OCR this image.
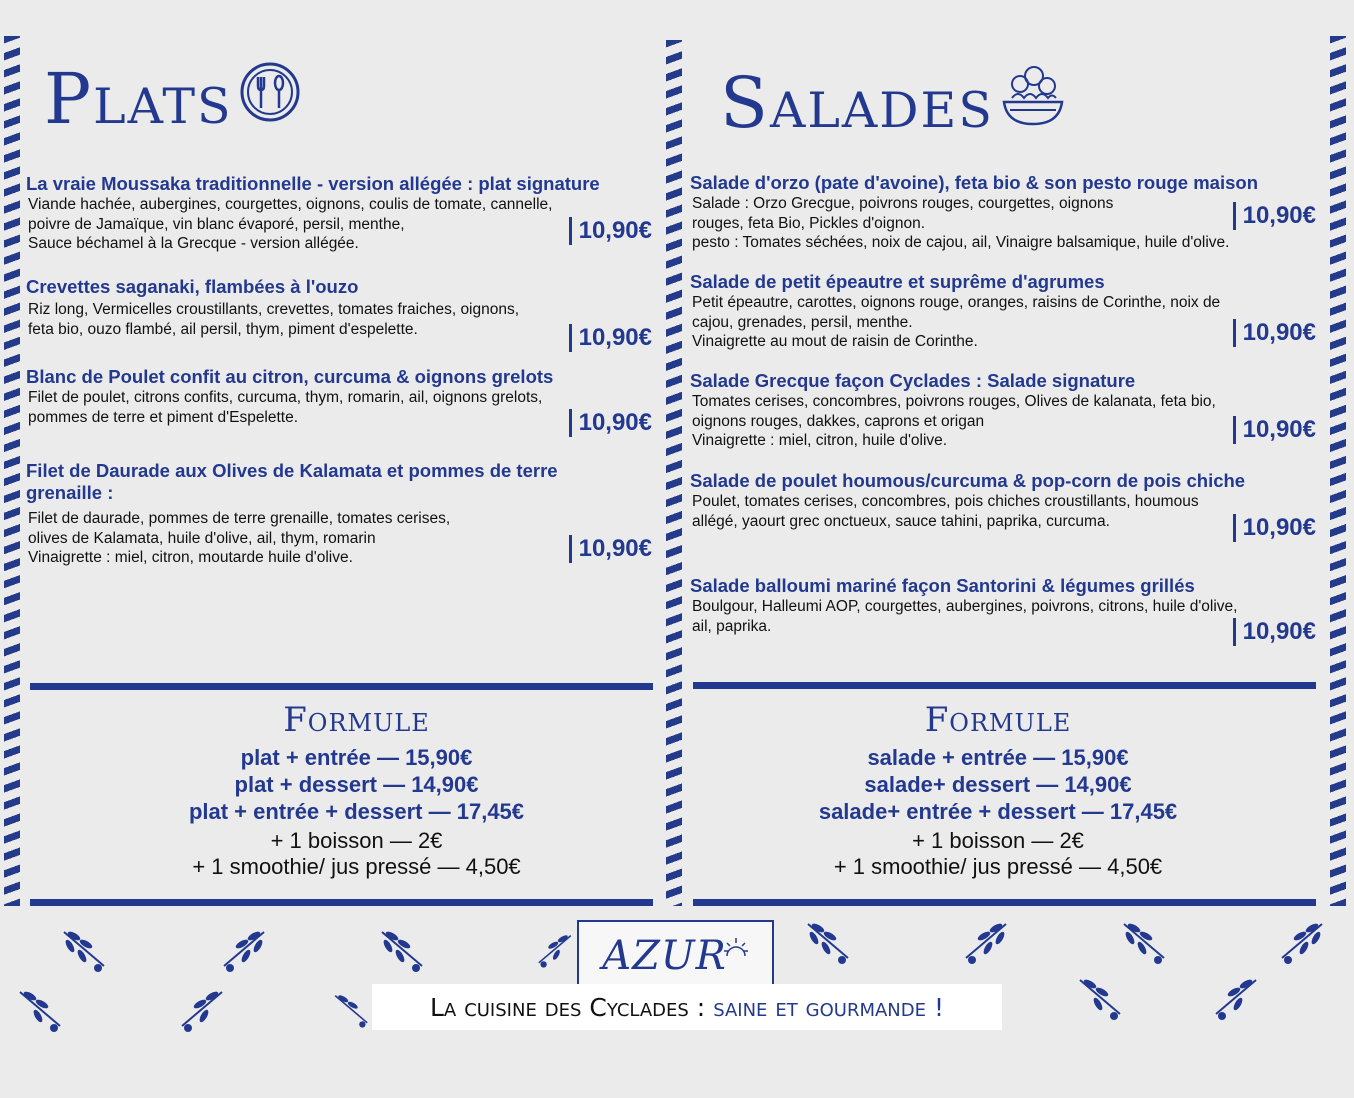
Plats
La vraie Moussaka traditionnelle - version allégée : plat signature
Viande hachée, aubergines, courgettes, oignons, coulis de tomate, cannelle,
poivre de Jamaïque, vin blanc évaporé, persil, menthe,
Sauce béchamel à la Grecque - version allégée.	10,90€
Crevettes saganaki, flambées à l'ouzo
Riz long, Vermicelles croustillants, crevettes, tomates fraiches, oignons,
feta bio, ouzo flambé, ail persil, thym, piment d'espelette.	10,90€
Blanc de Poulet confit au citron, curcuma & oignons grelots
Filet de poulet, citrons confits, curcuma, thym, romarin, ail, oignons grelots,
pommes de terre et piment d'Espelette.	10,90€
Filet de Daurade aux Olives de Kalamata et pommes de terre grenaille :
Filet de daurade, pommes de terre grenaille, tomates cerises,
olives de Kalamata, huile d'olive, ail, thym, romarin
Vinaigrette : miel, citron, moutarde huile d'olive.	10,90€
Salades
Salade d'orzo (pate d'avoine), feta bio & son pesto rouge maison
Salade : Orzo Grecgue, poivrons rouges, courgettes, oignons
rouges, feta Bio, Pickles d'oignon.
pesto : Tomates séchées, noix de cajou, ail, Vinaigre balsamique, huile d'olive.
10,90€
Salade de petit épeautre et suprême d'agrumes
Petit épeautre, carottes, oignons rouge, oranges, raisins de Corinthe, noix de
cajou, grenades, persil, menthe.
Vinaigrette au mout de raisin de Corinthe.	10,90€
Salade Grecque façon Cyclades : Salade signature
Tomates cerises, concombres, poivrons rouges, Olives de kalanata, feta bio,
oignons rouges, dakkes, caprons et origan
Vinaigrette : miel, citron, huile d'olive.	10,90€
Salade de poulet houmous/curcuma & pop-corn de pois chiche
Poulet, tomates cerises, concombres, pois chiches croustillants, houmous
allégé, yaourt grec onctueux, sauce tahini, paprika, curcuma.	10,90€
Salade balloumi mariné façon Santorini & légumes grillés
Boulgour, Halleumi AOP, courgettes, aubergines, poivrons, citrons, huile d'olive,
ail, paprika.	10,90€
Formule
plat + entrée — 15,90€
plat + dessert — 14,90€
plat + entrée + dessert — 17,45€
+ 1 boisson — 2€
+ 1 smoothie/ jus pressé — 4,50€
Formule
salade + entrée — 15,90€
salade+ dessert — 14,90€
salade+ entrée + dessert — 17,45€
+ 1 boisson — 2€
+ 1 smoothie/ jus pressé — 4,50€
AZUR
La cuisine des Cyclades : saine et gourmande !
